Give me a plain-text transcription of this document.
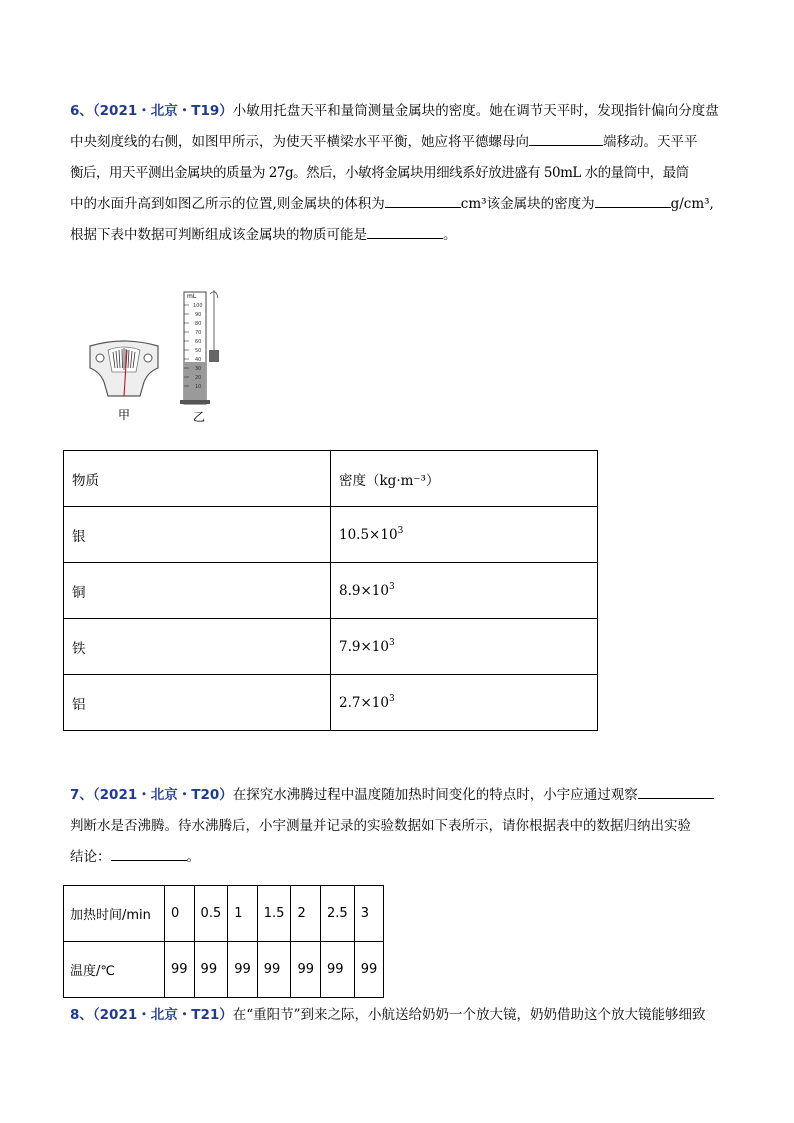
6、（2021・北京・T19）小敏用托盘天平和量筒测量金属块的密度。她在调节天平时，发现指针偏向分度盘
中央刻度线的右侧，如图甲所示，为使天平横梁水平平衡，她应将平德螺母向	端移动。天平平
衡后，用天平测出金属块的质量为 27g。然后，小敏将金属块用细线系好放进盛有 50mL 水的量筒中，最筒
中的水面升高到如图乙所示的位置,则金属块的体积为	cm³该金属块的密度为	g/cm³,
根据下表中数据可判断组成该金属块的物质可能是	。
甲
mL
100
90
80
70
60
50
40
30
20
10
乙
物质	密度（kg·m⁻³）
银	$10.5\times 10^3$
铜	$8.9\times 10^3$
铁	$7.9\times 10^3$
铝	$2.7\times 10^3$
7、（2021・北京・T20）在探究水沸腾过程中温度随加热时间变化的特点时，小宇应通过观察
判断水是否沸腾。待水沸腾后，小宇测量并记录的实验数据如下表所示，请你根据表中的数据归纳出实验
结论：	。
加热时间/min	0	0.5	1	1.5	2	2.5	3
温度/℃	99	99	99	99	99	99	99
8、（2021・北京・T21）在“重阳节”到来之际，小航送给奶奶一个放大镜，奶奶借助这个放大镜能够细致
